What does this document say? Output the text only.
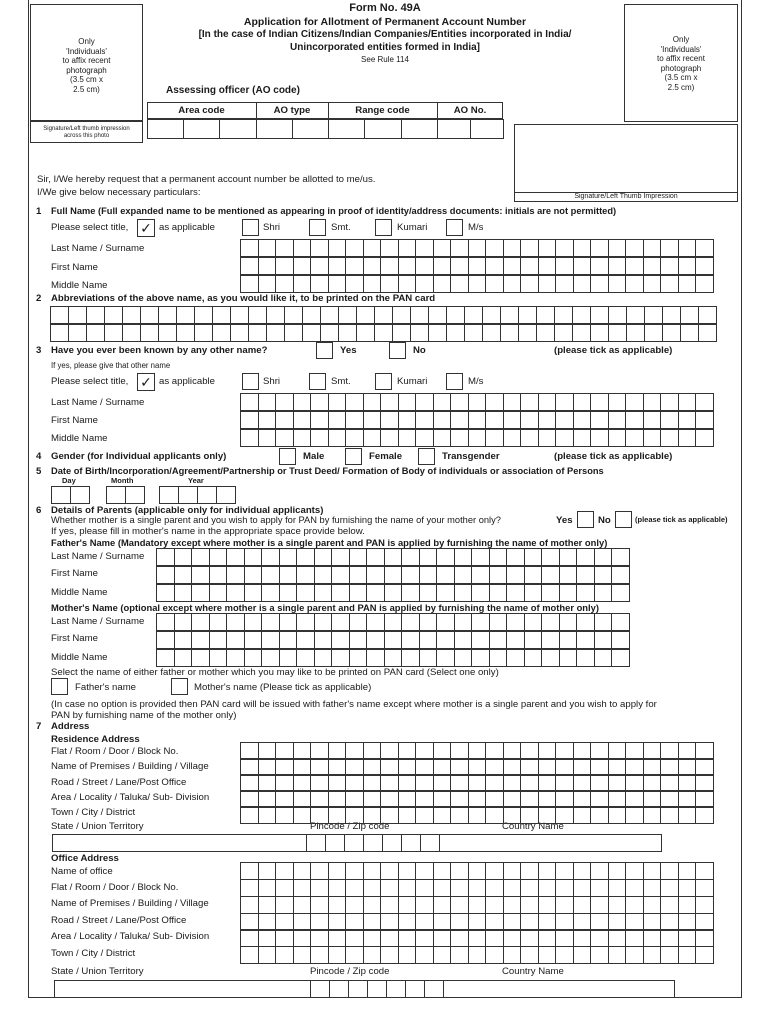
Form No. 49A
Application for Allotment of Permanent Account Number
[In the case of Indian Citizens/Indian Companies/Entities incorporated in India/
Unincorporated entities formed in India]
See Rule 114
Only
'Individuals'
to affix recent
photograph
(3.5 cm x
2.5 cm)
Signature/Left thumb impression
across this photo
Only
'Individuals'
to affix recent
photograph
(3.5 cm x
2.5 cm)
Signature/Left Thumb Impression
Assessing officer (AO code)
Area code	AO type	Range code	AO No.
Sir, I/We hereby request that a permanent account number be allotted to me/us.
I/We give below necessary particulars:
1 Full Name (Full expanded name to be mentioned as appearing in proof of identity/address documents: initials are not permitted)
Please select title, ✓ as applicable	Shri	Smt.	Kumari	M/s
Last Name / Surname
First Name
Middle Name
2 Abbreviations of the above name, as you would like it, to be printed on the PAN card
3 Have you ever been known by any other name?	Yes	No	(please tick as applicable)
If yes, please give that other name
Please select title, ✓ as applicable	Shri	Smt.	Kumari	M/s
Last Name / Surname
First Name
Middle Name
4 Gender (for Individual applicants only)	Male	Female	Transgender	(please tick as applicable)
5 Date of Birth/Incorporation/Agreement/Partnership or Trust Deed/ Formation of Body of individuals or association of Persons
Day	Month	Year
6 Details of Parents (applicable only for individual applicants)
Whether mother is a single parent and you wish to apply for PAN by furnishing the name of your mother only?	Yes	No	(please tick as applicable)
If yes, please fill in mother's name in the appropriate space provide below.
Father's Name (Mandatory except where mother is a single parent and PAN is applied by furnishing the name of mother only)
Last Name / Surname
First Name
Middle Name
Mother's Name (optional except where mother is a single parent and PAN is applied by furnishing the name of mother only)
Last Name / Surname
First Name
Middle Name
Select the name of either father or mother which you may like to be printed on PAN card (Select one only)
Father's name	Mother's name (Please tick as applicable)
(In case no option is provided then PAN card will be issued with father's name except where mother is a single parent and you wish to apply for
PAN by furnishing name of the mother only)
7 Address
Residence Address
Flat / Room / Door / Block No.
Name of Premises / Building / Village
Road / Street / Lane/Post Office
Area / Locality / Taluka/ Sub- Division
Town / City / District
State / Union Territory	Pincode / Zip code	Country Name
Office Address
Name of office
Flat / Room / Door / Block No.
Name of Premises / Building / Village
Road / Street / Lane/Post Office
Area / Locality / Taluka/ Sub- Division
Town / City / District
State / Union Territory	Pincode / Zip code	Country Name
